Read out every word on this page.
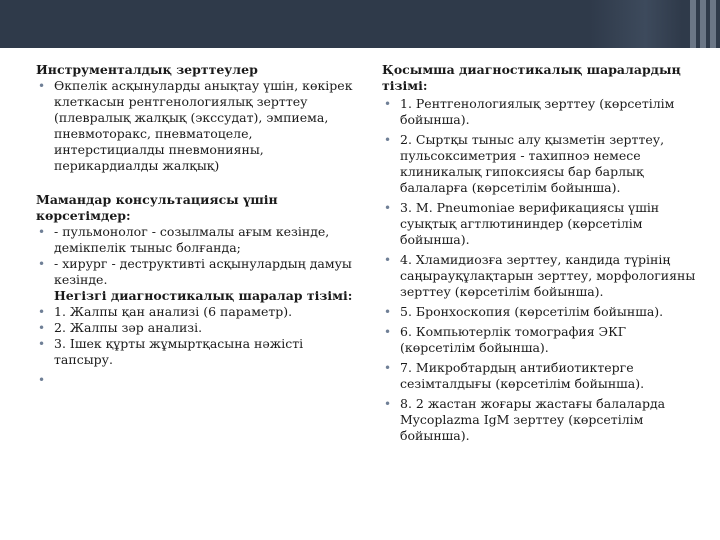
Инструменталдық зерттеулер

• Өкпелік асқынуларды анықтау үшін, көкірек клеткасын рентгенологиялық зерттеу (плевралық жалқық (экссудат), эмпиема, пневмоторакс, пневматоцеле, интерстициалды пневмонияны, перикардиалды жалқық)

Мамандар консультациясы үшін көрсетімдер:

• - пульмонолог - созылмалы ағым кезінде, демікпелік тыныс болғанда;
• - хирург - деструктивті асқынулардың дамуы кезінде.
Негізгі диагностикалық шаралар тізімі:
• 1. Жалпы қан анализі (6 параметр).
• 2. Жалпы зәр анализі.
• 3. Ішек құрты жұмыртқасына нәжісті тапсыру.
•

Қосымша диагностикалық шаралардың тізімі:

• 1. Рентгенологиялық зерттеу (көрсетілім бойынша).
• 2. Сыртқы тыныс алу қызметін зерттеу, пульсоксиметрия - тахипноэ немесе клиникалық гипоксиясы бар барлық балаларға (көрсетілім бойынша).
• 3. M. Pneumoniae верификациясы үшін суықтық агтлютининдер (көрсетілім бойынша).
• 4. Хламидиозға зерттеу, кандида түрінің саңырауқұлақтарын зерттеу, морфологияны зерттеу (көрсетілім бойынша).
• 5. Бронхоскопия (көрсетілім бойынша).
• 6. Компьютерлік томография ЭКГ (көрсетілім бойынша).
• 7. Микробтардың антибиотиктерге сезімталдығы (көрсетілім бойынша).
• 8. 2 жастан жоғары жастағы балаларда Mycoplazma IgM зерттеу (көрсетілім бойынша).
